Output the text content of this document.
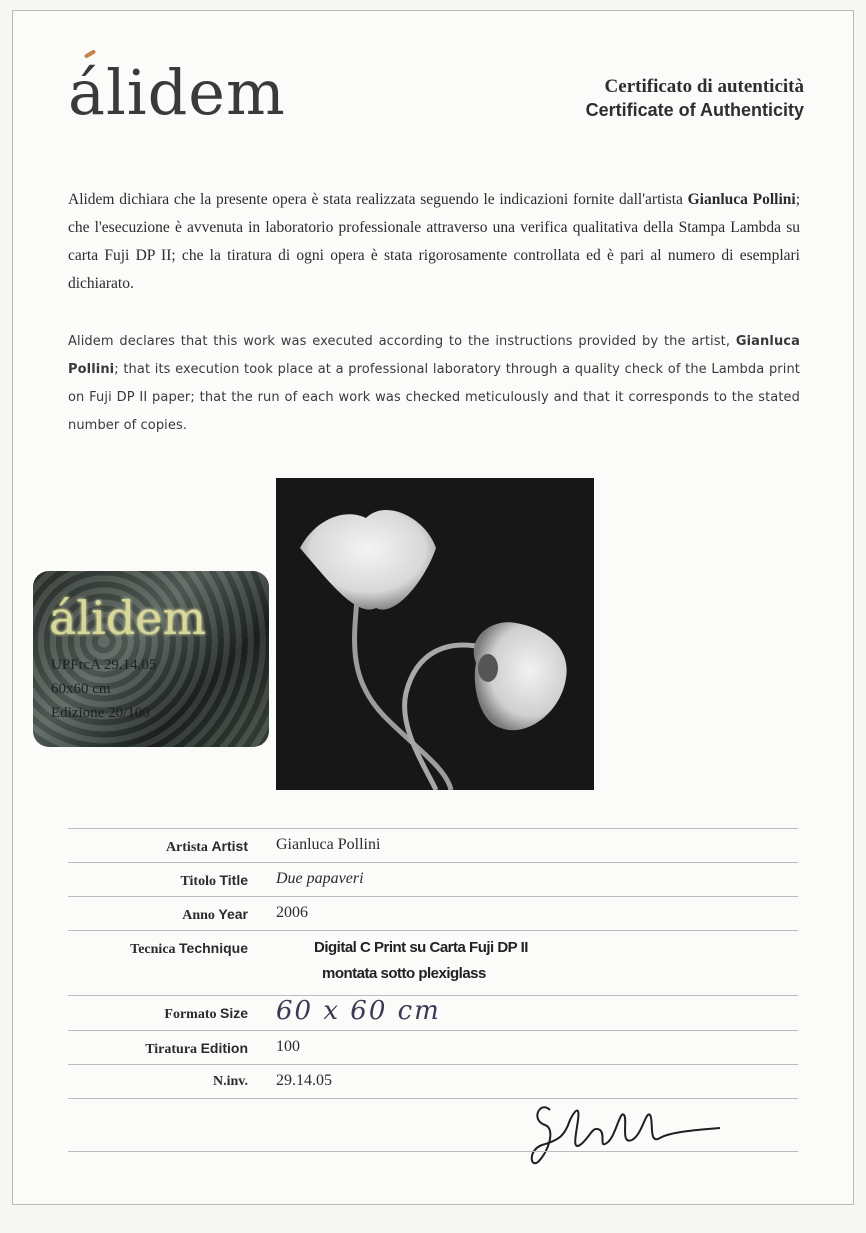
álidem	Certificato di autenticità
Certificate of Authenticity
Alidem dichiara che la presente opera è stata realizzata seguendo le indicazioni fornite dall'artista Gianluca Pollini; che l'esecuzione è avvenuta in laboratorio professionale attraverso una verifica qualitativa della Stampa Lambda su carta Fuji DP II; che la tiratura di ogni opera è stata rigorosamente controllata ed è pari al numero di esemplari dichiarato.
Alidem declares that this work was executed according to the instructions provided by the artist, Gianluca Pollini; that its execution took place at a professional laboratory through a quality check of the Lambda print on Fuji DP II paper; that the run of each work was checked meticulously and that it corresponds to the stated number of copies.
álidem
UPFrcA 29.14.05
60x60 cm
Edizione 20/100
Artista Artist Gianluca Pollini
Titolo Title Due papaveri
Anno Year 2006
Tecnica Technique	Digital C Print su Carta Fuji DP II
montata sotto plexiglass
Formato Size 60 x 60 cm
Tiratura Edition 100
N.inv. 29.14.05
